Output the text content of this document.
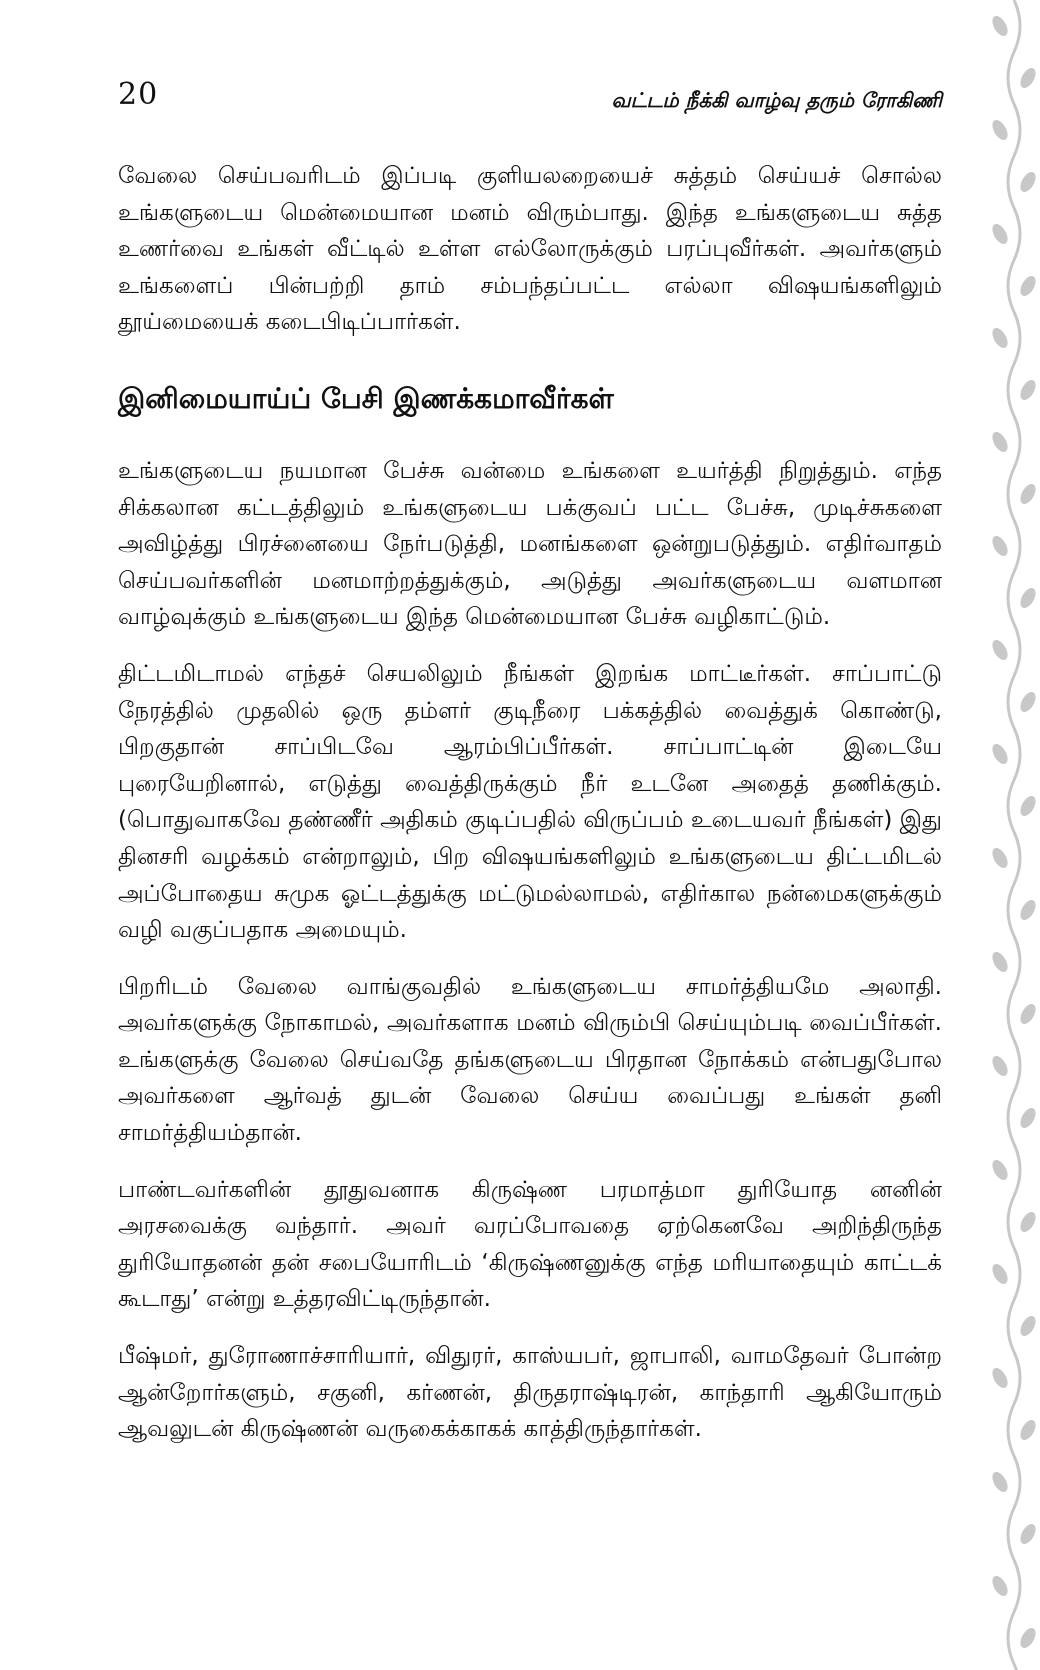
20	வட்டம் நீக்கி வாழ்வு தரும் ரோகிணி

வேலை செய்பவரிடம் இப்படி குளியலறையைச் சுத்தம் செய்யச் சொல்ல உங்களுடைய மென்மையான மனம் விரும்பாது. இந்த உங்களுடைய சுத்த உணர்வை உங்கள் வீட்டில் உள்ள எல்லோருக்கும் பரப்புவீர்கள். அவர்களும் உங்களைப் பின்பற்றி தாம் சம்பந்தப்பட்ட எல்லா விஷயங்களிலும் தூய்மையைக் கடைபிடிப்பார்கள்.

இனிமையாய்ப் பேசி இணக்கமாவீர்கள்

உங்களுடைய நயமான பேச்சு வன்மை உங்களை உயர்த்தி நிறுத்தும். எந்த சிக்கலான கட்டத்திலும் உங்களுடைய பக்குவப் பட்ட பேச்சு, முடிச்சுகளை அவிழ்த்து பிரச்னையை நேர்படுத்தி, மனங்களை ஒன்றுபடுத்தும். எதிர்வாதம் செய்பவர்களின் மனமாற்றத்துக்கும், அடுத்து அவர்களுடைய வளமான வாழ்வுக்கும் உங்களுடைய இந்த மென்மையான பேச்சு வழிகாட்டும்.

திட்டமிடாமல் எந்தச் செயலிலும் நீங்கள் இறங்க மாட்டீர்கள். சாப்பாட்டு நேரத்தில் முதலில் ஒரு தம்ளர் குடிநீரை பக்கத்தில் வைத்துக் கொண்டு, பிறகுதான் சாப்பிடவே ஆரம்பிப்பீர்கள். சாப்பாட்டின் இடையே புரையேறினால், எடுத்து வைத்திருக்கும் நீர் உடனே அதைத் தணிக்கும். (பொதுவாகவே தண்ணீர் அதிகம் குடிப்பதில் விருப்பம் உடையவர் நீங்கள்) இது தினசரி வழக்கம் என்றாலும், பிற விஷயங்களிலும் உங்களுடைய திட்டமிடல் அப்போதைய சுமுக ஓட்டத்துக்கு மட்டுமல்லாமல், எதிர்கால நன்மைகளுக்கும் வழி வகுப்பதாக அமையும்.

பிறரிடம் வேலை வாங்குவதில் உங்களுடைய சாமர்த்தியமே அலாதி. அவர்களுக்கு நோகாமல், அவர்களாக மனம் விரும்பி செய்யும்படி வைப்பீர்கள். உங்களுக்கு வேலை செய்வதே தங்களுடைய பிரதான நோக்கம் என்பதுபோல அவர்களை ஆர்வத் துடன் வேலை செய்ய வைப்பது உங்கள் தனி சாமர்த்தியம்தான்.

பாண்டவர்களின் தூதுவனாக கிருஷ்ண பரமாத்மா துரியோத னனின் அரசவைக்கு வந்தார். அவர் வரப்போவதை ஏற்கெனவே அறிந்திருந்த துரியோதனன் தன் சபையோரிடம் ‘கிருஷ்ணனுக்கு எந்த மரியாதையும் காட்டக் கூடாது’ என்று உத்தரவிட்டிருந்தான்.

பீஷ்மர், துரோணாச்சாரியார், விதுரர், காஸ்யபர், ஜாபாலி, வாமதேவர் போன்ற ஆன்றோர்களும், சகுனி, கர்ணன், திருதராஷ்டிரன், காந்தாரி ஆகியோரும் ஆவலுடன் கிருஷ்ணன் வருகைக்காகக் காத்திருந்தார்கள்.
